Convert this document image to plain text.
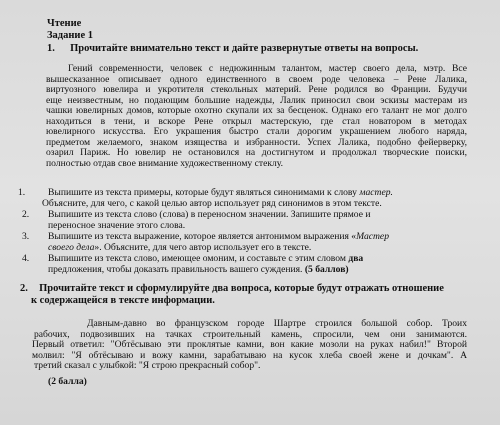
Чтение
Задание 1
1. Прочитайте внимательно текст и дайте развернутые ответы на вопросы.
Гений современности, человек с недюжинным талантом, мастер своего дела, мэтр. Все
вышесказанное описывает одного единственного в своем роде человека – Рене Лалика,
виртуозного ювелира и укротителя стекольных материй. Рене родился во Франции. Будучи
еще неизвестным, но подающим большие надежды, Лалик приносил свои эскизы мастерам из
чашки ювелирных домов, которые охотно скупали их за бесценок. Однако его талант не мог долго
находиться в тени, и вскоре Рене открыл мастерскую, где стал новатором в методах
ювелирного искусства. Его украшения быстро стали дорогим украшением любого наряда,
предметом желаемого, знаком изящества и избранности. Успех Лалика, подобно фейерверку,
озарил Париж. Но ювелир не остановился на достигнутом и продолжал творческие поиски,
полностью отдав свое внимание художественному стеклу.
1. Выпишите из текста примеры, которые будут являться синонимами к слову мастер.
Объясните, для чего, с какой целью автор использует ряд синонимов в этом тексте.
2. Выпишите из текста слово (слова) в переносном значении. Запишите прямое и
переносное значение этого слова.
3. Выпишите из текста выражение, которое является антонимом выражения «Мастер
своего дела». Объясните, для чего автор использует его в тексте.
4. Выпишите из текста слово, имеющее омоним, и составьте с этим словом два
предложения, чтобы доказать правильность вашего суждения. (5 баллов)
2. Прочитайте текст и сформулируйте два вопроса, которые будут отражать отношение
к содержащейся в тексте информации.
Давным-давно во французском городе Шартре строился большой собор. Троих
рабочих, подвозивших на тачках строительный камень, спросили, чем они занимаются.
Первый ответил: "Обтёсываю эти проклятые камни, вон какие мозоли на руках набил!" Второй
молвил: "Я обтёсываю и вожу камни, зарабатываю на кусок хлеба своей жене и дочкам". А
третий сказал с улыбкой: "Я строю прекрасный собор".
(2 балла)
